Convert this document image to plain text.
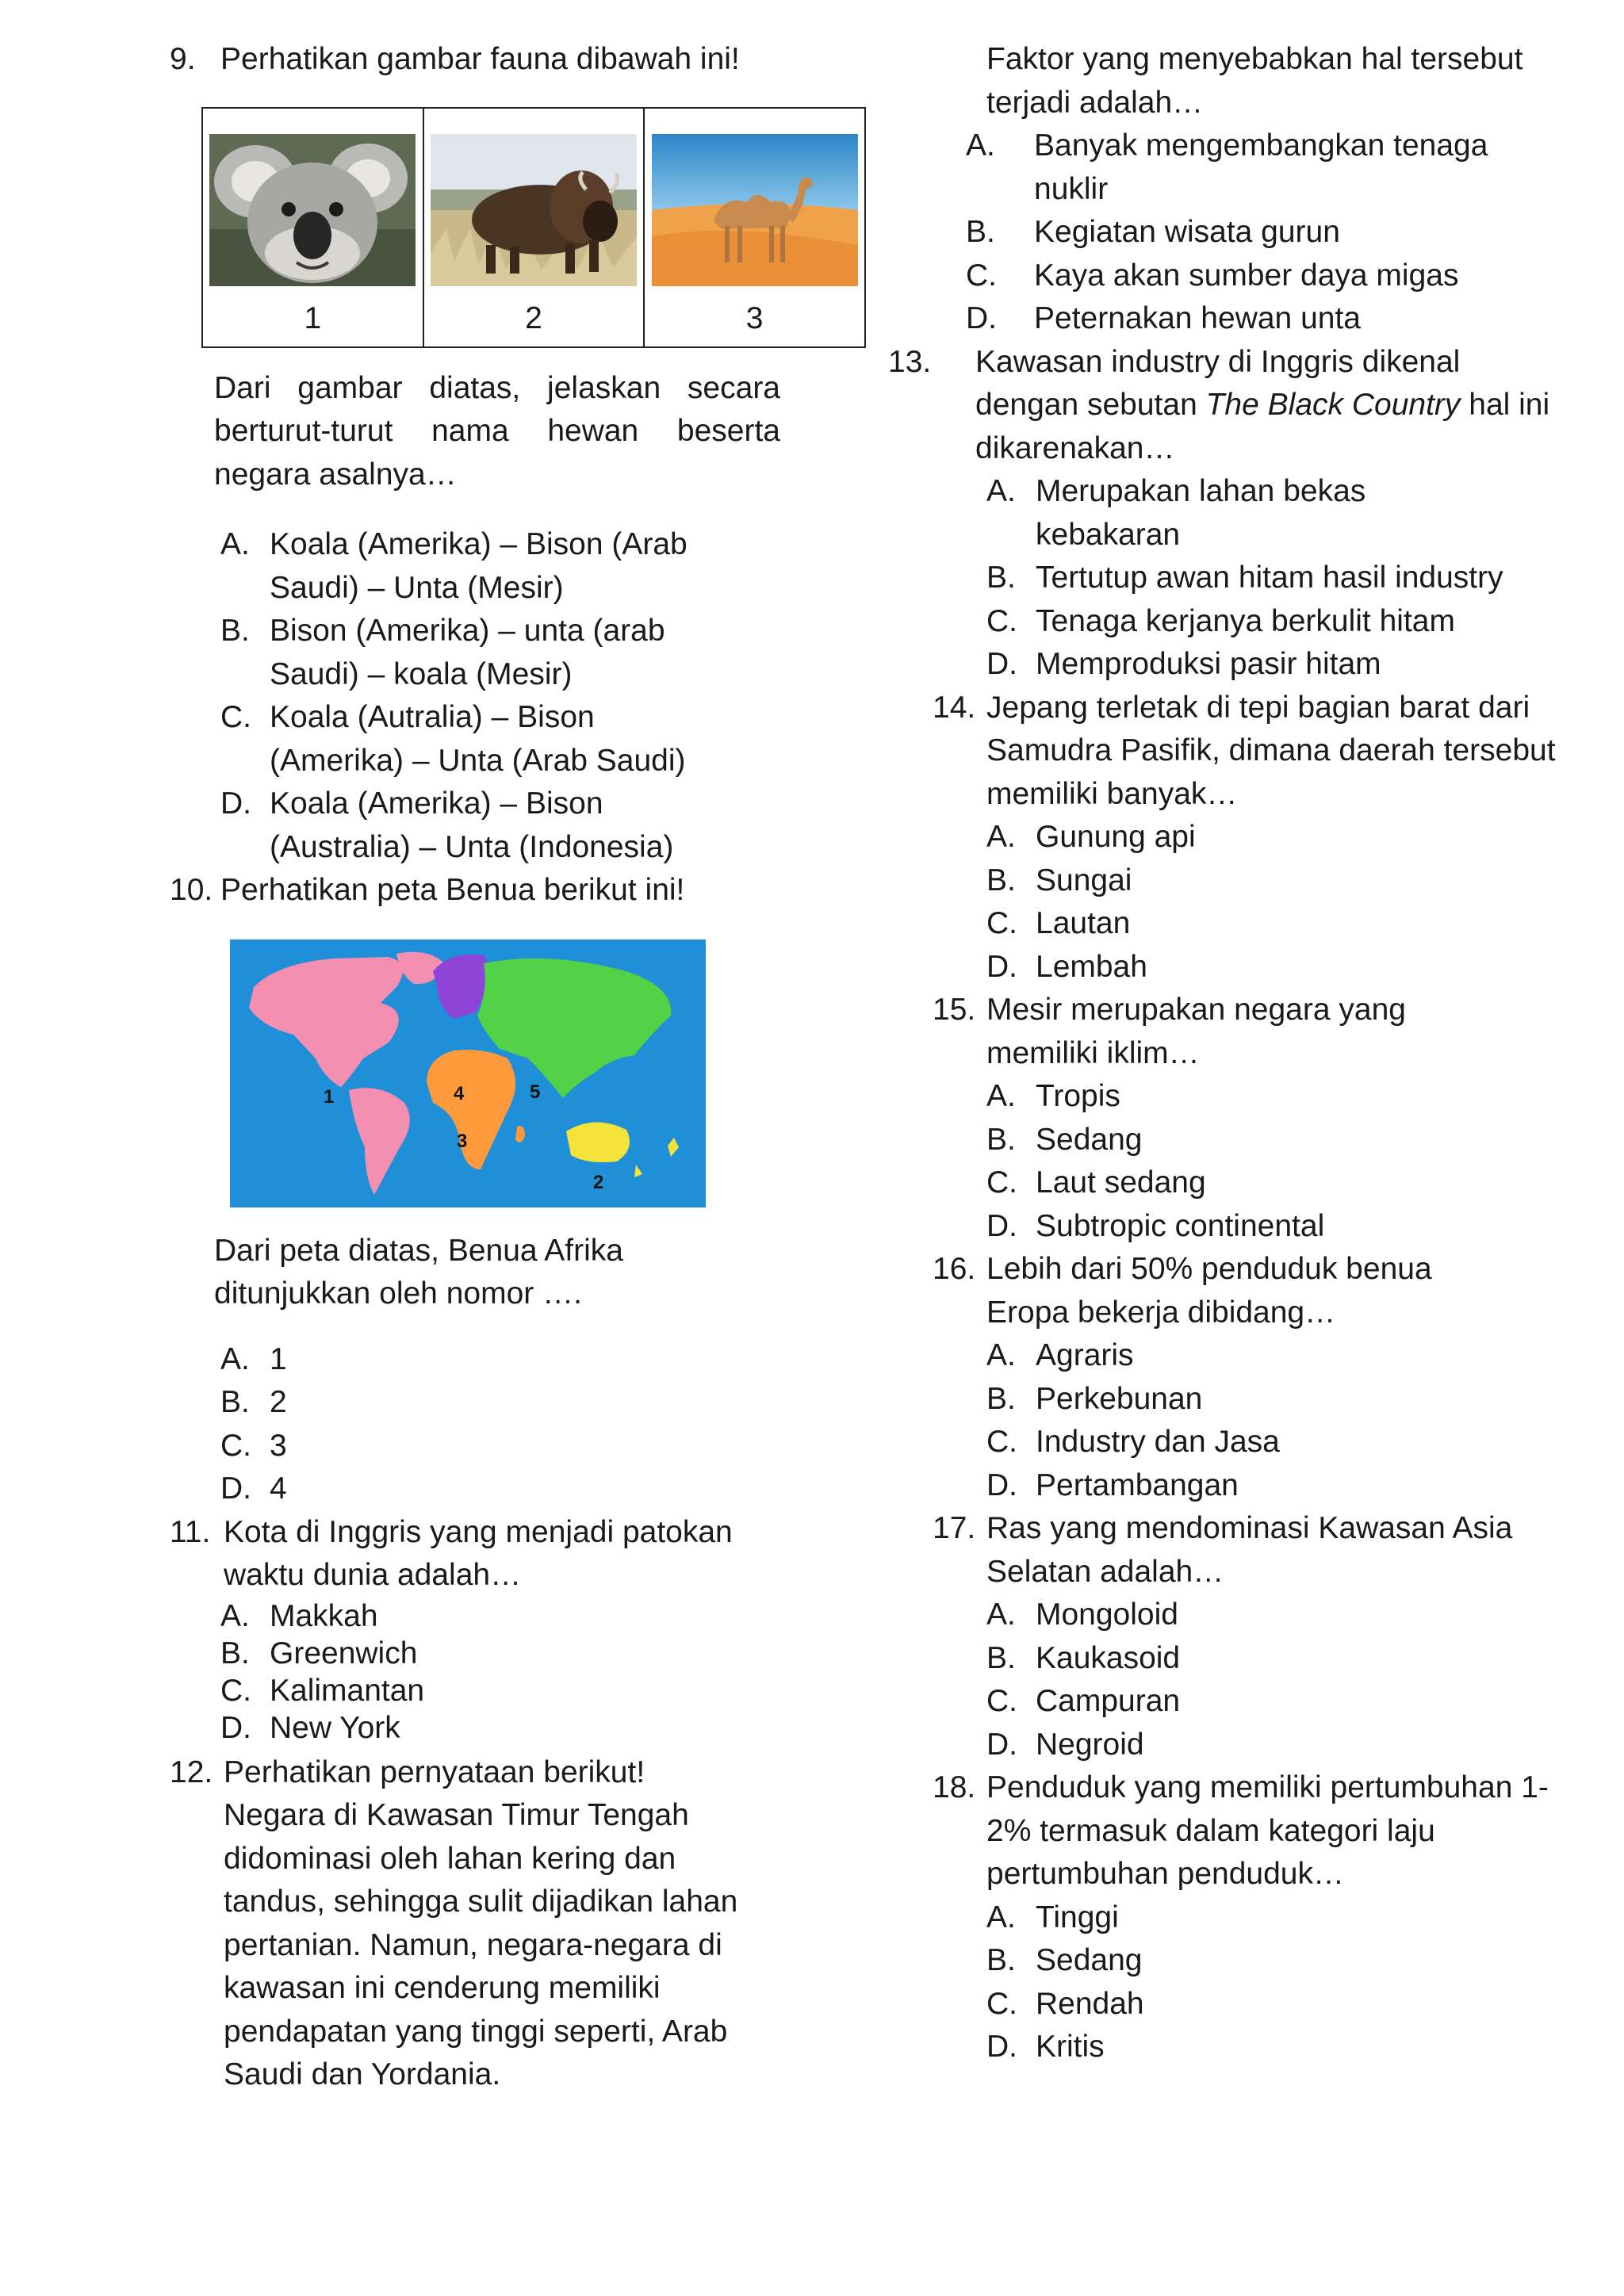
9. Perhatikan gambar fauna dibawah ini!
1	2	3
Dari gambar diatas, jelaskan secara berturut-turut nama hewan beserta negara asalnya…
A. Koala (Amerika) – Bison (Arab Saudi) – Unta (Mesir)
B. Bison (Amerika) – unta (arab Saudi) – koala (Mesir)
C. Koala (Autralia) – Bison (Amerika) – Unta (Arab Saudi)
D. Koala (Amerika) – Bison (Australia) – Unta (Indonesia)
10. Perhatikan peta Benua berikut ini!
Dari peta diatas, Benua Afrika ditunjukkan oleh nomor ….
A. 1
B. 2
C. 3
D. 4
11. Kota di Inggris yang menjadi patokan waktu dunia adalah…
A. Makkah
B. Greenwich
C. Kalimantan
D. New York
12. Perhatikan pernyataan berikut!
Negara di Kawasan Timur Tengah didominasi oleh lahan kering dan tandus, sehingga sulit dijadikan lahan pertanian. Namun, negara-negara di kawasan ini cenderung memiliki pendapatan yang tinggi seperti, Arab Saudi dan Yordania.
Faktor yang menyebabkan hal tersebut terjadi adalah…
A.	Banyak mengembangkan tenaga nuklir
B.	Kegiatan wisata gurun
C.	Kaya akan sumber daya migas
D.	Peternakan hewan unta
13.	Kawasan industry di Inggris dikenal dengan sebutan The Black Country hal ini dikarenakan…
A. Merupakan lahan bekas kebakaran
B. Tertutup awan hitam hasil industry
C. Tenaga kerjanya berkulit hitam
D. Memproduksi pasir hitam
14. Jepang terletak di tepi bagian barat dari Samudra Pasifik, dimana daerah tersebut memiliki banyak…
A. Gunung api
B. Sungai
C. Lautan
D. Lembah
15. Mesir merupakan negara yang memiliki iklim…
A. Tropis
B. Sedang
C. Laut sedang
D. Subtropic continental
16. Lebih dari 50% penduduk benua Eropa bekerja dibidang…
A. Agraris
B. Perkebunan
C. Industry dan Jasa
D. Pertambangan
17. Ras yang mendominasi Kawasan Asia Selatan adalah…
A. Mongoloid
B. Kaukasoid
C. Campuran
D. Negroid
18. Penduduk yang memiliki pertumbuhan 1-2% termasuk dalam kategori laju pertumbuhan penduduk…
A. Tinggi
B. Sedang
C. Rendah
D. Kritis
1
2
3
4	5
